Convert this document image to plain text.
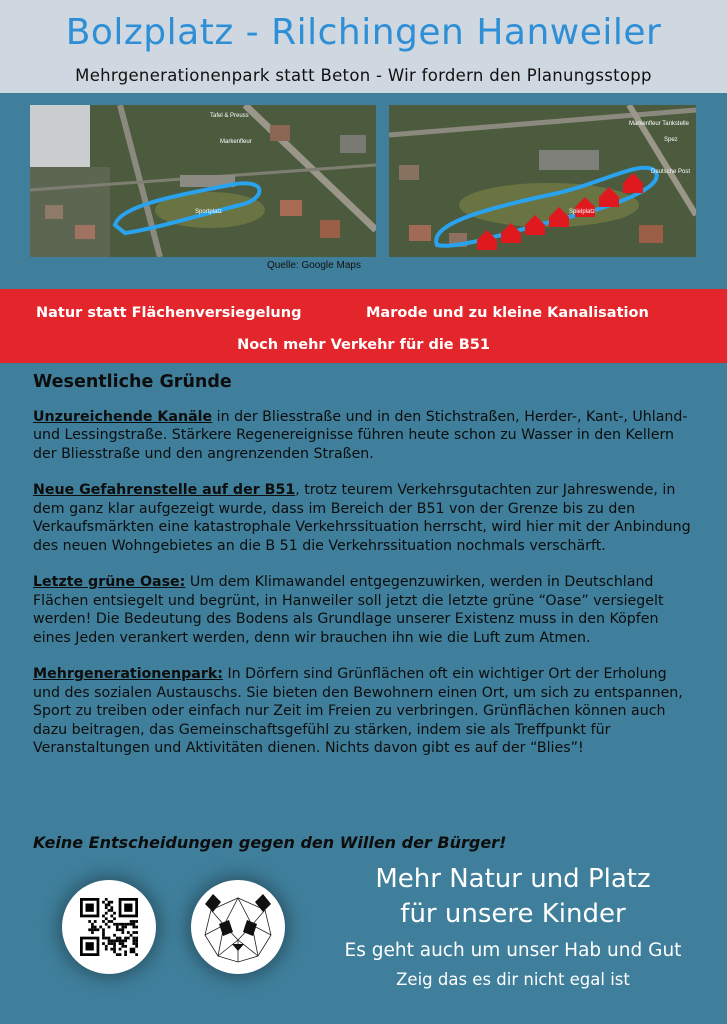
Bolzplatz - Rilchingen Hanweiler
Mehrgenerationenpark statt Beton - Wir fordern den Planungsstopp
Tafel & Preuss
Markenfleur
Sportplatz
Markenfleur Tankstelle
Spez
Deutsche Post
Spielplatz
Quelle: Google Maps
Natur statt Flächenversiegelung	Marode und zu kleine Kanalisation
Noch mehr Verkehr für die B51
Wesentliche Gründe

Unzureichende Kanäle in der Bliesstraße und in den Stichstraßen, Herder-, Kant-, Uhland- und Lessingstraße. Stärkere Regenereignisse führen heute schon zu Wasser in den Kellern der Bliesstraße und den angrenzenden Straßen.

Neue Gefahrenstelle auf der B51, trotz teurem Verkehrsgutachten zur Jahreswende, in dem ganz klar aufgezeigt wurde, dass im Bereich der B51 von der Grenze bis zu den Verkaufsmärkten eine katastrophale Verkehrssituation herrscht, wird hier mit der Anbindung des neuen Wohngebietes an die B 51 die Verkehrssituation nochmals verschärft.

Letzte grüne Oase: Um dem Klimawandel entgegenzuwirken, werden in Deutschland Flächen entsiegelt und begrünt, in Hanweiler soll jetzt die letzte grüne “Oase” versiegelt werden! Die Bedeutung des Bodens als Grundlage unserer Existenz muss in den Köpfen eines Jeden verankert werden, denn wir brauchen ihn wie die Luft zum Atmen.

Mehrgenerationenpark: In Dörfern sind Grünflächen oft ein wichtiger Ort der Erholung und des sozialen Austauschs. Sie bieten den Bewohnern einen Ort, um sich zu entspannen, Sport zu treiben oder einfach nur Zeit im Freien zu verbringen. Grünflächen können auch dazu beitragen, das Gemeinschaftsgefühl zu stärken, indem sie als Treffpunkt für Veranstaltungen und Aktivitäten dienen. Nichts davon gibt es auf der “Blies”!

Keine Entscheidungen gegen den Willen der Bürger!
Mehr Natur und Platz
für unsere Kinder
Es geht auch um unser Hab und Gut
Zeig das es dir nicht egal ist
